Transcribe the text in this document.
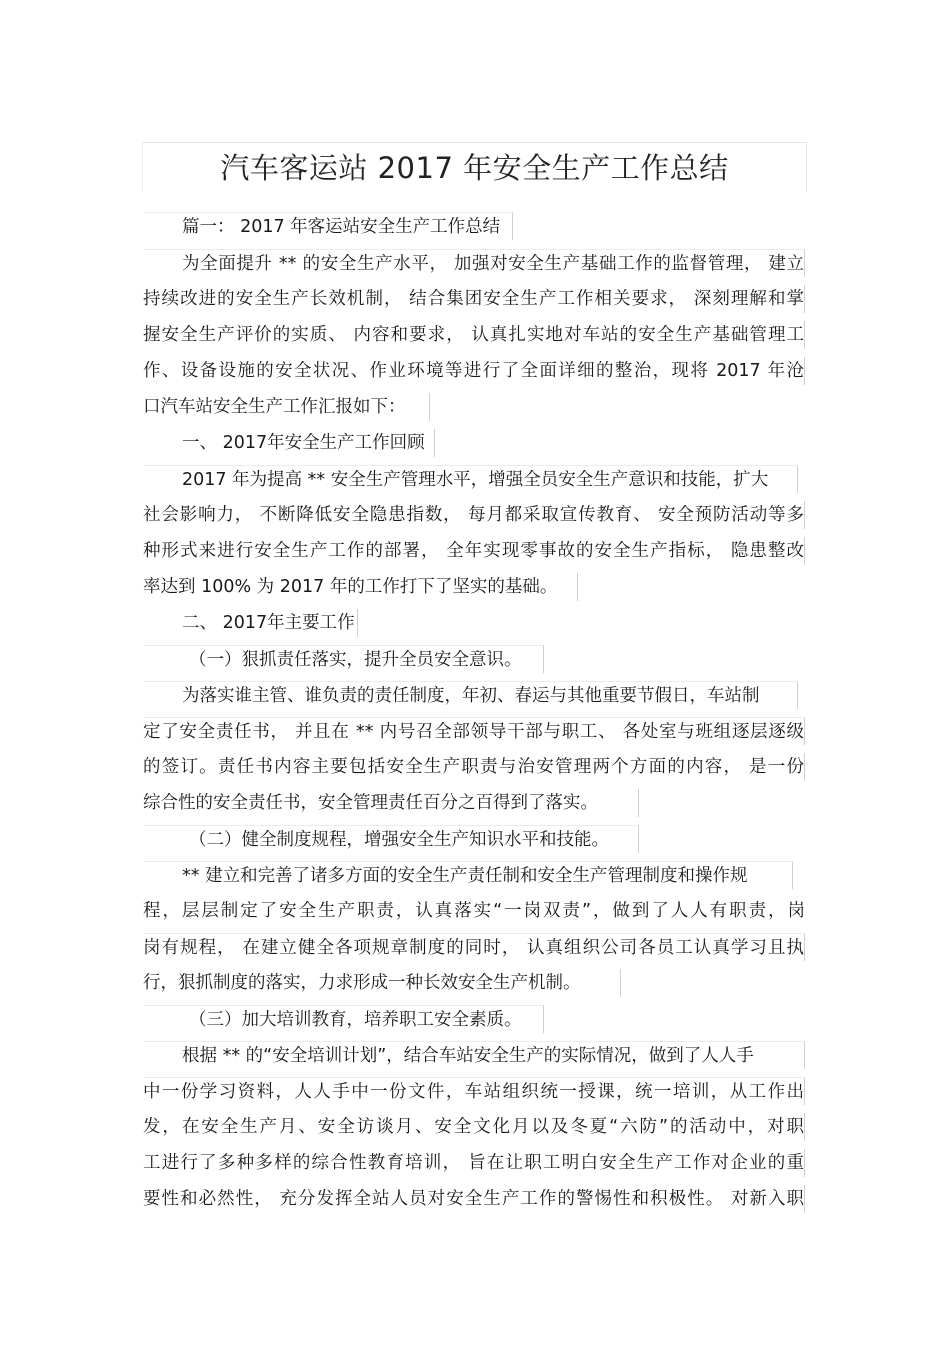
汽车客运站 2017 年安全生产工作总结
篇一： 2017 年客运站安全生产工作总结
为全面提升 ** 的安全生产水平， 加强对安全生产基础工作的监督管理， 建立
持续改进的安全生产长效机制， 结合集团安全生产工作相关要求， 深刻理解和掌
握安全生产评价的实质、 内容和要求， 认真扎实地对车站的安全生产基础管理工
作、设备设施的安全状况、作业环境等进行了全面详细的整治，现将 2017 年沧
口汽车站安全生产工作汇报如下：
一、 2017年安全生产工作回顾
2017 年为提高 ** 安全生产管理水平，增强全员安全生产意识和技能，扩大
社会影响力， 不断降低安全隐患指数， 每月都采取宣传教育、 安全预防活动等多
种形式来进行安全生产工作的部署， 全年实现零事故的安全生产指标， 隐患整改
率达到 100% 为 2017 年的工作打下了坚实的基础。
二、 2017年主要工作
（一）狠抓责任落实，提升全员安全意识。
为落实谁主管、谁负责的责任制度，年初、春运与其他重要节假日，车站制
定了安全责任书， 并且在 ** 内号召全部领导干部与职工、 各处室与班组逐层逐级
的签订。责任书内容主要包括安全生产职责与治安管理两个方面的内容， 是一份
综合性的安全责任书，安全管理责任百分之百得到了落实。
（二）健全制度规程，增强安全生产知识水平和技能。
** 建立和完善了诸多方面的安全生产责任制和安全生产管理制度和操作规
程，层层制定了安全生产职责，认真落实“一岗双责”，做到了人人有职责，岗
岗有规程， 在建立健全各项规章制度的同时， 认真组织公司各员工认真学习且执
行，狠抓制度的落实，力求形成一种长效安全生产机制。
（三）加大培训教育，培养职工安全素质。
根据 ** 的“安全培训计划”，结合车站安全生产的实际情况，做到了人人手
中一份学习资料，人人手中一份文件，车站组织统一授课，统一培训，从工作出
发，在安全生产月、安全访谈月、安全文化月以及冬夏“六防”的活动中，对职
工进行了多种多样的综合性教育培训， 旨在让职工明白安全生产工作对企业的重
要性和必然性， 充分发挥全站人员对安全生产工作的警惕性和积极性。 对新入职
